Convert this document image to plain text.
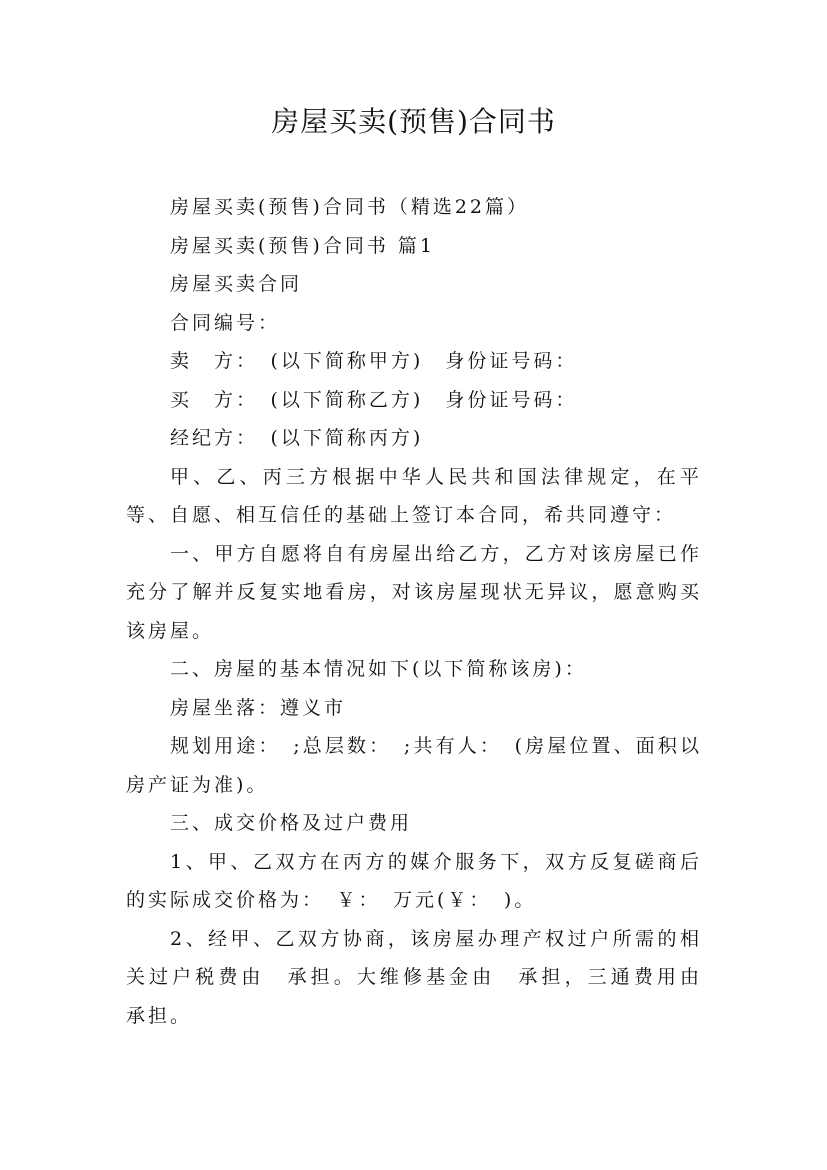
房屋买卖(预售)合同书

房屋买卖(预售)合同书（精选22篇）

房屋买卖(预售)合同书 篇1

房屋买卖合同

合同编号：

卖　方：　(以下简称甲方)　身份证号码：

买　方：　(以下简称乙方)　身份证号码：

经纪方：　(以下简称丙方)

甲、乙、丙三方根据中华人民共和国法律规定，在平等、自愿、相互信任的基础上签订本合同，希共同遵守：

一、甲方自愿将自有房屋出给乙方，乙方对该房屋已作充分了解并反复实地看房，对该房屋现状无异议，愿意购买该房屋。

二、房屋的基本情况如下(以下简称该房)：

房屋坐落：遵义市

规划用途：　;总层数：　;共有人：　(房屋位置、面积以房产证为准)。

三、成交价格及过户费用

1、甲、乙双方在丙方的媒介服务下，双方反复磋商后的实际成交价格为：　￥：　万元(￥：　)。

2、经甲、乙双方协商，该房屋办理产权过户所需的相关过户税费由　承担。大维修基金由　承担，三通费用由　承担。
